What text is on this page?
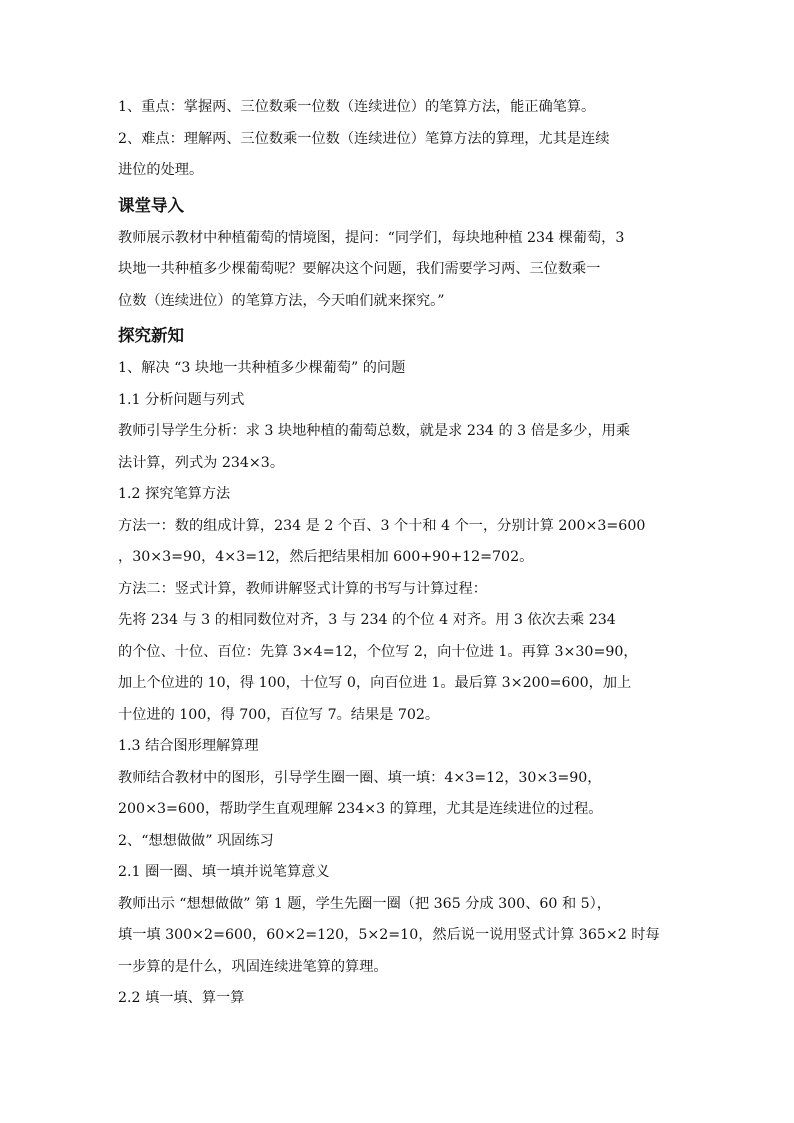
1、重点：掌握两、三位数乘一位数（连续进位）的笔算方法，能正确笔算。

2、难点：理解两、三位数乘一位数（连续进位）笔算方法的算理，尤其是连续

进位的处理。

课堂导入

教师展示教材中种植葡萄的情境图，提问：“同学们，每块地种植 234 棵葡萄，3

块地一共种植多少棵葡萄呢？要解决这个问题，我们需要学习两、三位数乘一

位数（连续进位）的笔算方法，今天咱们就来探究。”

探究新知

1、解决 “3 块地一共种植多少棵葡萄” 的问题

1.1 分析问题与列式

教师引导学生分析：求 3 块地种植的葡萄总数，就是求 234 的 3 倍是多少，用乘

法计算，列式为 234×3。

1.2 探究笔算方法

方法一：数的组成计算，234 是 2 个百、3 个十和 4 个一，分别计算 200×3=600

，30×3=90，4×3=12，然后把结果相加 600+90+12=702。

方法二：竖式计算，教师讲解竖式计算的书写与计算过程：

先将 234 与 3 的相同数位对齐，3 与 234 的个位 4 对齐。用 3 依次去乘 234

的个位、十位、百位：先算 3×4=12，个位写 2，向十位进 1。再算 3×30=90，

加上个位进的 10，得 100，十位写 0，向百位进 1。最后算 3×200=600，加上

十位进的 100，得 700，百位写 7。结果是 702。

1.3 结合图形理解算理

教师结合教材中的图形，引导学生圈一圈、填一填：4×3=12，30×3=90，

200×3=600，帮助学生直观理解 234×3 的算理，尤其是连续进位的过程。

2、“想想做做” 巩固练习

2.1 圈一圈、填一填并说笔算意义

教师出示 “想想做做” 第 1 题，学生先圈一圈（把 365 分成 300、60 和 5），

填一填 300×2=600，60×2=120，5×2=10，然后说一说用竖式计算 365×2 时每

一步算的是什么，巩固连续进笔算的算理。

2.2 填一填、算一算
